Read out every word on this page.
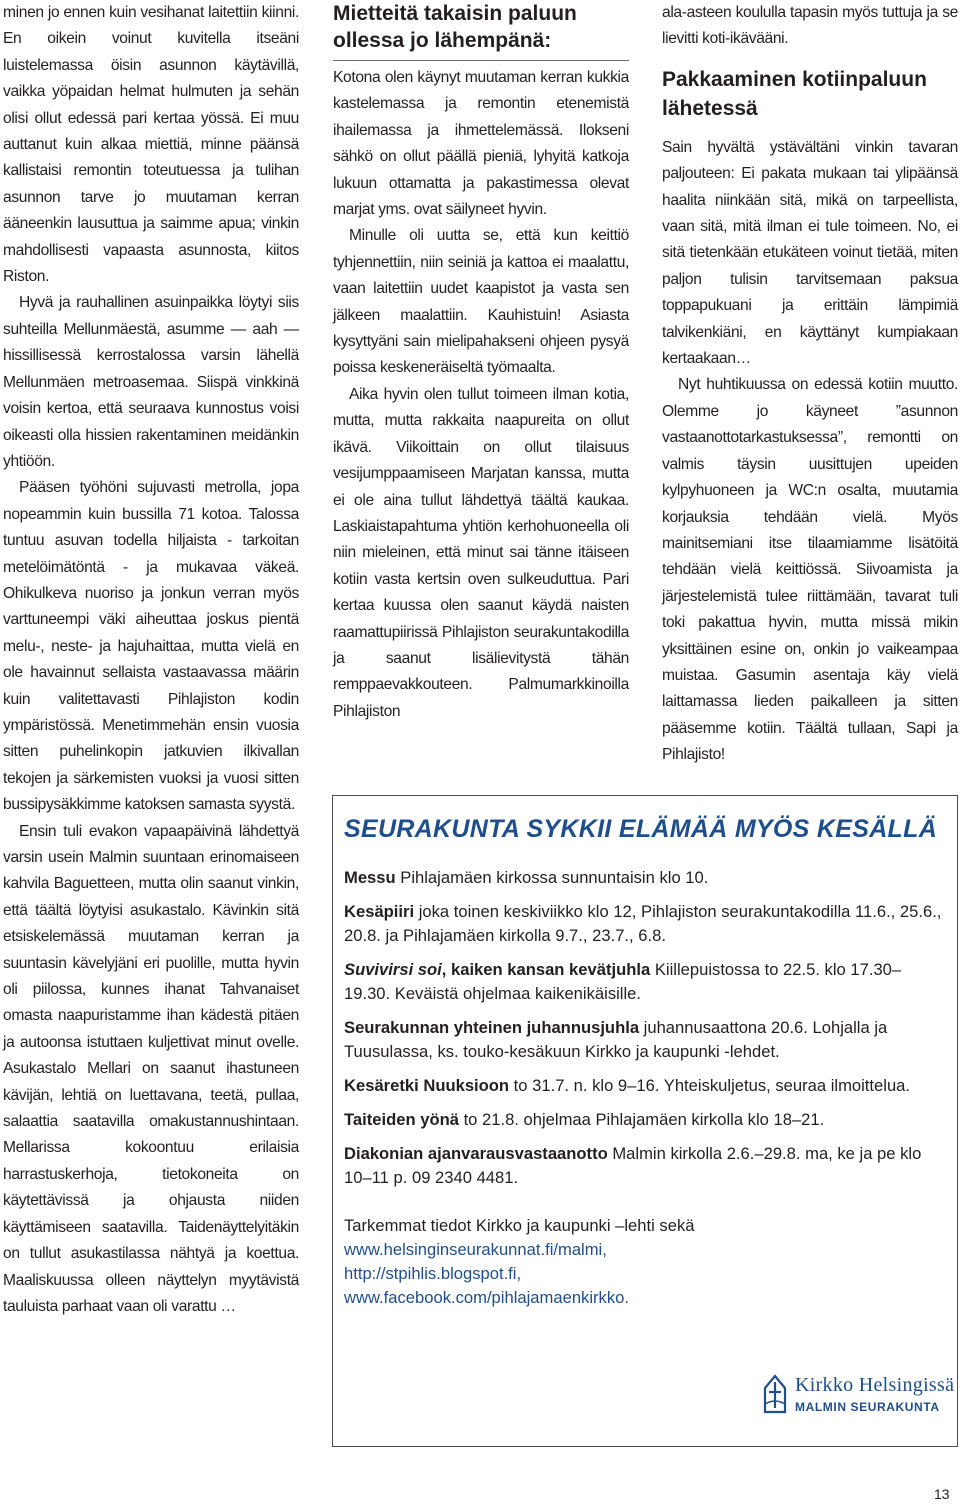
minen jo ennen kuin vesihanat laitettiin kiinni. En oikein voinut kuvitella itseäni luistelemassa öisin asunnon käytävillä, vaikka yöpaidan helmat hulmuten ja sehän olisi ollut edessä pari kertaa yössä. Ei muu auttanut kuin alkaa miettiä, minne päänsä kallistaisi remontin toteutuessa ja tulihan asunnon tarve jo muutaman kerran ääneenkin lausuttua ja saimme apua; vinkin mahdollisesti vapaasta asunnosta, kiitos Riston.

Hyvä ja rauhallinen asuinpaikka löytyi siis suhteilla Mellunmäestä, asumme — aah — hissillisessä kerrostalossa varsin lähellä Mellunmäen metroasemaa. Siispä vinkkinä voisin kertoa, että seuraava kunnostus voisi oikeasti olla hissien rakentaminen meidänkin yhtiöön.

Pääsen työhöni sujuvasti metrolla, jopa nopeammin kuin bussilla 71 kotoa. Talossa tuntuu asuvan todella hiljaista - tarkoitan metelöimätöntä - ja mukavaa väkeä. Ohikulkeva nuoriso ja jonkun verran myös varttuneempi väki aiheuttaa joskus pientä melu-, neste- ja hajuhaittaa, mutta vielä en ole havainnut sellaista vastaavassa määrin kuin valitettavasti Pihlajiston kodin ympäristössä. Menetimmehän ensin vuosia sitten puhelinkopin jatkuvien ilkivallan tekojen ja särkemisten vuoksi ja vuosi sitten bussipysäkkimme katoksen samasta syystä.

Ensin tuli evakon vapaapäivinä lähdettyä varsin usein Malmin suuntaan erinomaiseen kahvila Baguetteen, mutta olin saanut vinkin, että täältä löytyisi asukastalo. Kävinkin sitä etsiskelemässä muutaman kerran ja suuntasin kävelyjäni eri puolille, mutta hyvin oli piilossa, kunnes ihanat Tahvanaiset omasta naapuristamme ihan kädestä pitäen ja autoonsa istuttaen kuljettivat minut ovelle. Asukastalo Mellari on saanut ihastuneen kävijän, lehtiä on luettavana, teetä, pullaa, salaattia saatavilla omakustannushintaan. Mellarissa kokoontuu erilaisia harrastuskerhoja, tietokoneita on käytettävissä ja ohjausta niiden käyttämiseen saatavilla. Taidenäyttelyitäkin on tullut asukastilassa nähtyä ja koettua. Maaliskuussa olleen näyttelyn myytävistä tauluista parhaat vaan oli varattu …

Mietteitä takaisin paluun ollessa jo lähempänä:

Kotona olen käynyt muutaman kerran kukkia kastelemassa ja remontin etenemistä ihailemassa ja ihmettelemässä. Ilokseni sähkö on ollut päällä pieniä, lyhyitä katkoja lukuun ottamatta ja pakastimessa olevat marjat yms. ovat säilyneet hyvin.

Minulle oli uutta se, että kun keittiö tyhjennettiin, niin seiniä ja kattoa ei maalattu, vaan laitettiin uudet kaapistot ja vasta sen jälkeen maalattiin. Kauhistuin! Asiasta kysyttyäni sain mielipahakseni ohjeen pysyä poissa keskeneräiseltä työmaalta.

Aika hyvin olen tullut toimeen ilman kotia, mutta, mutta rakkaita naapureita on ollut ikävä. Viikoittain on ollut tilaisuus vesijumppaamiseen Marjatan kanssa, mutta ei ole aina tullut lähdettyä täältä kaukaa. Laskiaistapahtuma yhtiön kerhohuoneella oli niin mieleinen, että minut sai tänne itäiseen kotiin vasta kertsin oven sulkeuduttua. Pari kertaa kuussa olen saanut käydä naisten raamattupiirissä Pihlajiston seurakuntakodilla ja saanut lisälievitystä tähän remppaevakkouteen. Palmumarkkinoilla Pihlajiston

ala-asteen koululla tapasin myös tuttuja ja se lievitti koti-ikävääni.

Pakkaaminen kotiinpaluun lähetessä

Sain hyvältä ystävältäni vinkin tavaran paljouteen: Ei pakata mukaan tai ylipäänsä haalita niinkään sitä, mikä on tarpeellista, vaan sitä, mitä ilman ei tule toimeen. No, ei sitä tietenkään etukäteen voinut tietää, miten paljon tulisin tarvitsemaan paksua toppapukuani ja erittäin lämpimiä talvikenkiäni, en käyttänyt kumpiakaan kertaakaan…

Nyt huhtikuussa on edessä kotiin muutto. Olemme jo käyneet ”asunnon vastaanottotarkastuksessa”, remontti on valmis täysin uusittujen upeiden kylpyhuoneen ja WC:n osalta, muutamia korjauksia tehdään vielä. Myös mainitsemiani itse tilaamiamme lisätöitä tehdään vielä keittiössä. Siivoamista ja järjestelemistä tulee riittämään, tavarat tuli toki pakattua hyvin, mutta missä mikin yksittäinen esine on, onkin jo vaikeampaa muistaa. Gasumin asentaja käy vielä laittamassa lieden paikalleen ja sitten pääsemme kotiin. Täältä tullaan, Sapi ja Pihlajisto!

SEURAKUNTA SYKKII ELÄMÄÄ MYÖS KESÄLLÄ
Messu Pihlajamäen kirkossa sunnuntaisin klo 10.
Kesäpiiri joka toinen keskiviikko klo 12, Pihlajiston seurakuntakodilla 11.6., 25.6., 20.8. ja Pihlajamäen kirkolla 9.7., 23.7., 6.8.
Suvivirsi soi, kaiken kansan kevätjuhla Kiillepuistossa to 22.5. klo 17.30–19.30. Keväistä ohjelmaa kaikenikäisille.
Seurakunnan yhteinen juhannusjuhla juhannusaattona 20.6. Lohjalla ja Tuusulassa, ks. touko-kesäkuun Kirkko ja kaupunki -lehdet.
Kesäretki Nuuksioon to 31.7. n. klo 9–16. Yhteiskuljetus, seuraa ilmoittelua.
Taiteiden yönä to 21.8. ohjelmaa Pihlajamäen kirkolla klo 18–21.
Diakonian ajanvarausvastaanotto Malmin kirkolla 2.6.–29.8. ma, ke ja pe klo 10–11 p. 09 2340 4481.
Tarkemmat tiedot Kirkko ja kaupunki –lehti sekä
www.helsinginseurakunnat.fi/malmi,
http://stpihlis.blogspot.fi,
www.facebook.com/pihlajamaenkirkko.
Kirkko Helsingissä
MALMIN SEURAKUNTA
13
